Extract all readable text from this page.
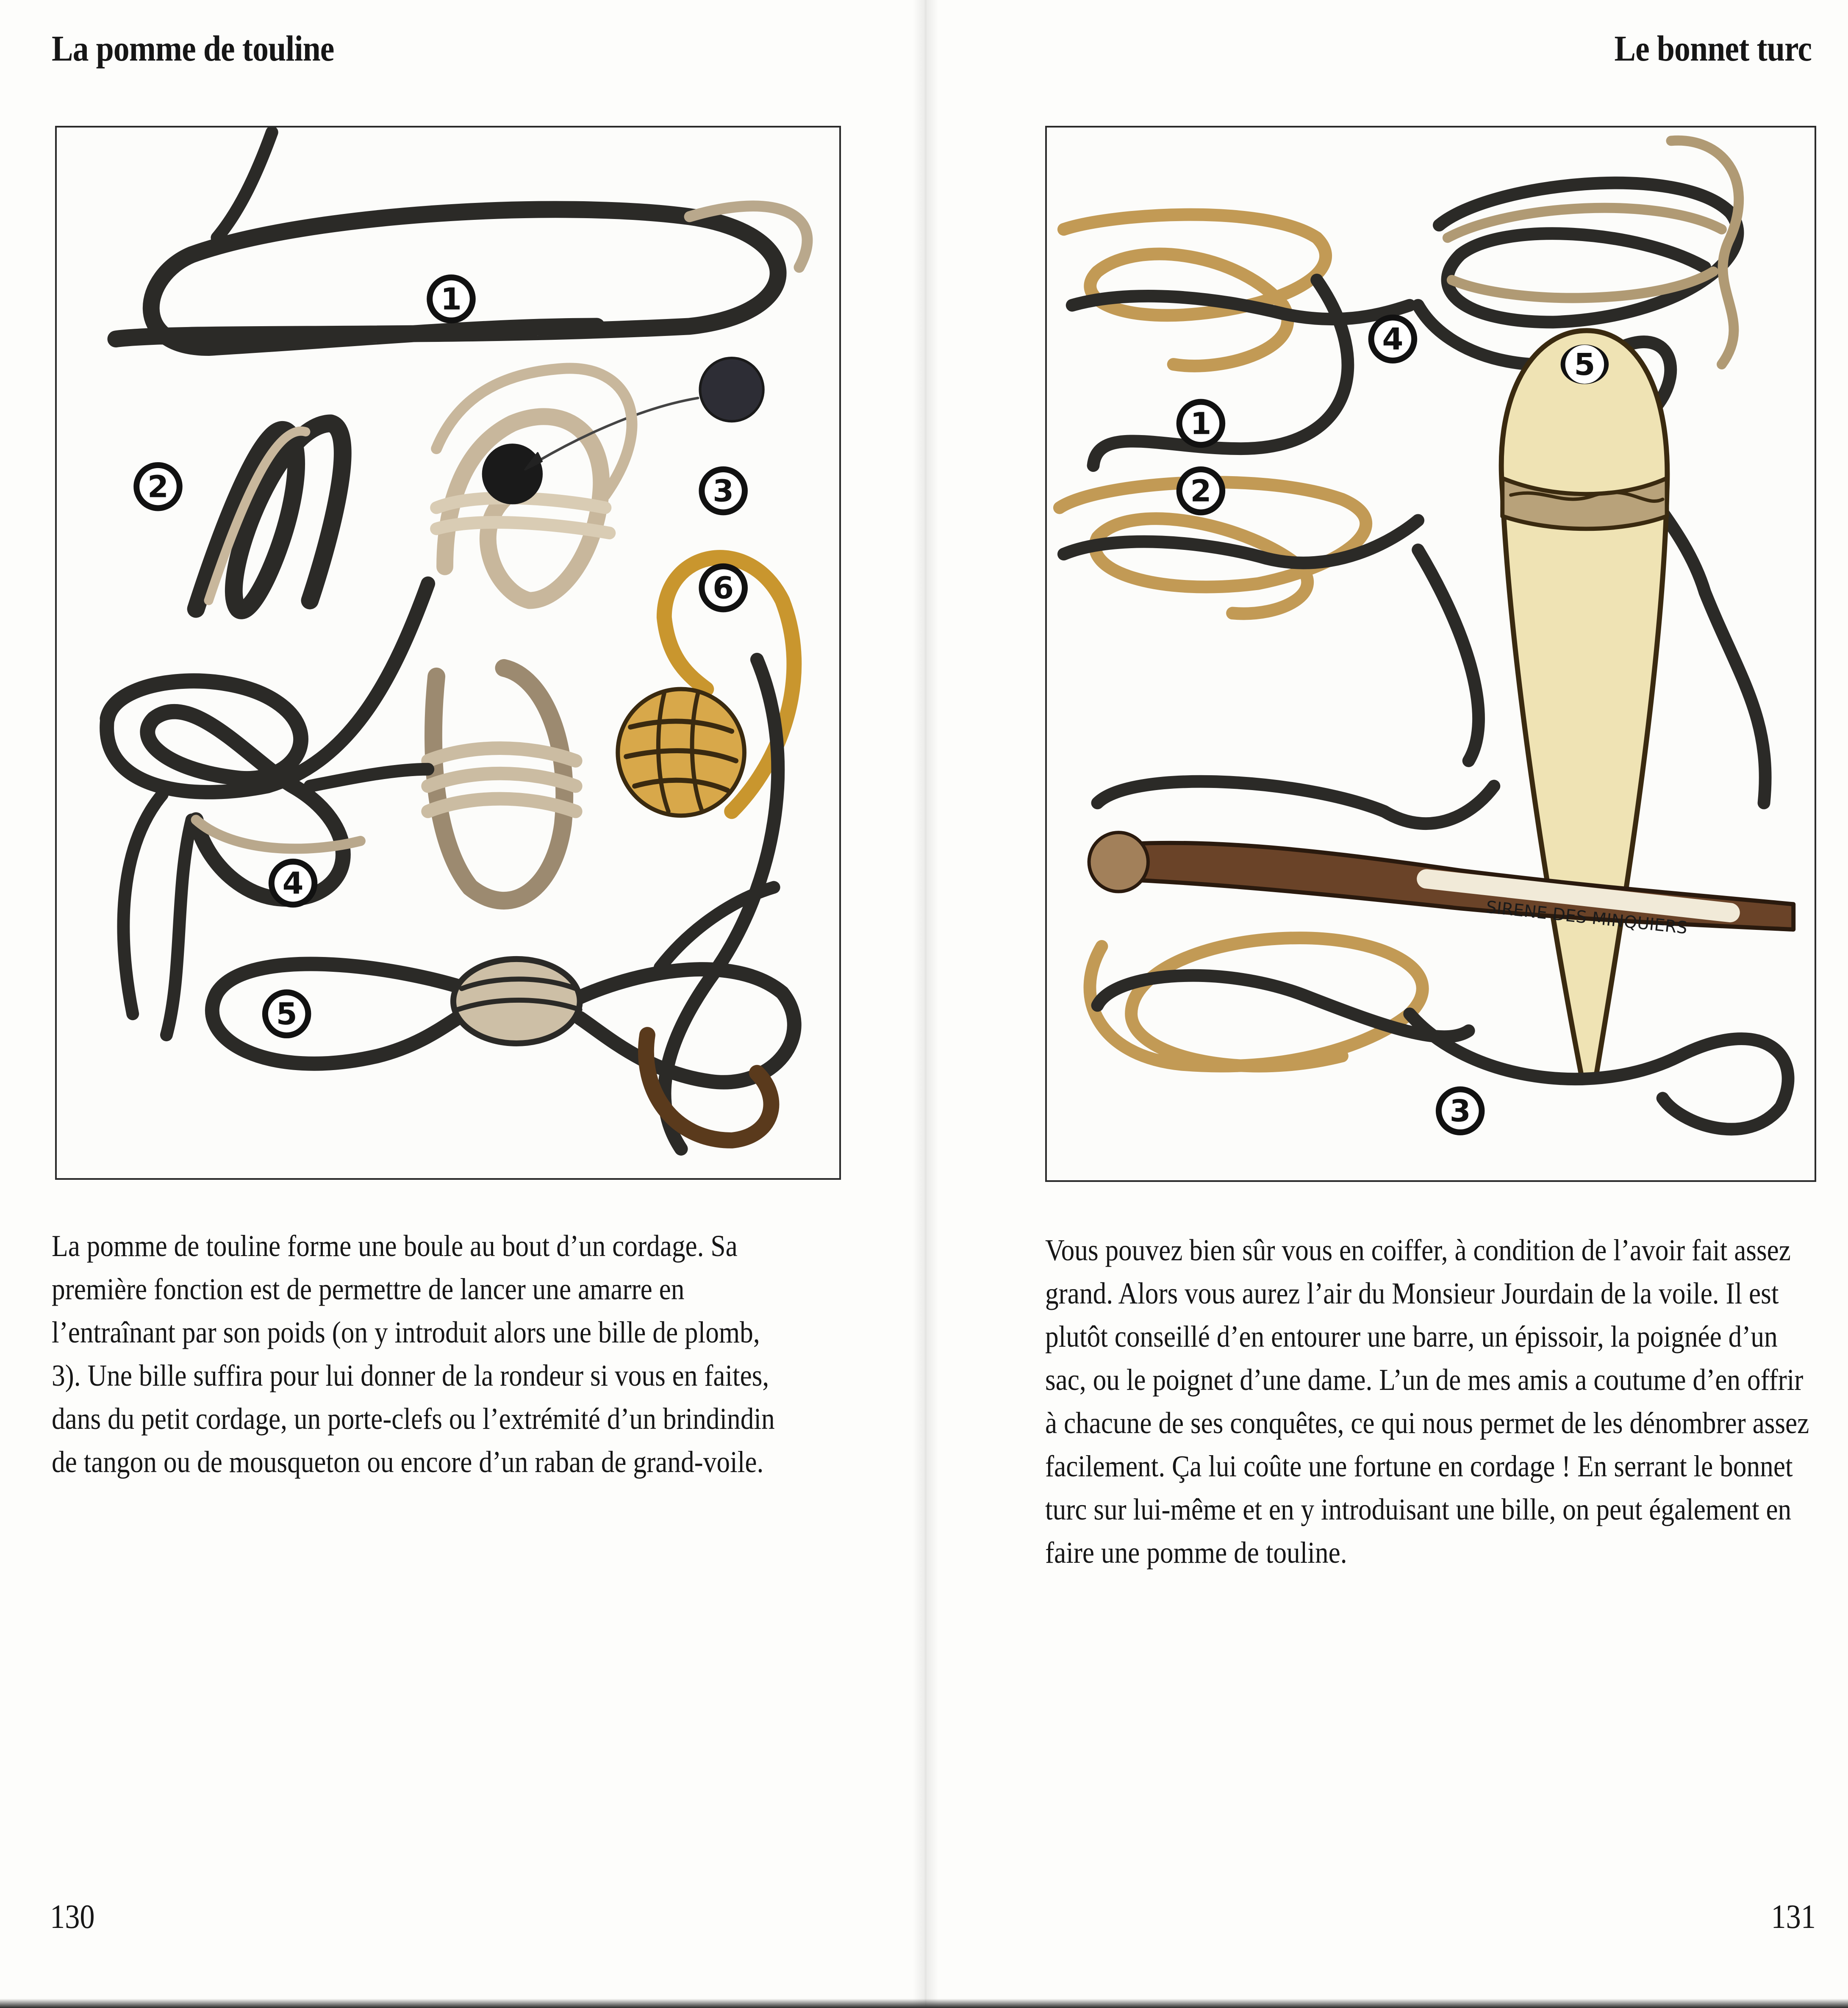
La pomme de touline
1
2	3
4
5
6

La pomme de touline forme une boule au bout d’un cordage. Sa première fonction est de permettre de lancer une amarre en l’entraînant par son poids (on y introduit alors une bille de plomb, 3). Une bille suffira pour lui donner de la rondeur si vous en faites, dans du petit cordage, un porte-clefs ou l’extrémité d’un brindindin de tangon ou de mousqueton ou encore d’un raban de grand-voile.

130

Le bonnet turc
SIRENE DES MINQUIERS
1
2
3
4
5

Vous pouvez bien sûr vous en coiffer, à condition de l’avoir fait assez grand. Alors vous aurez l’air du Monsieur Jourdain de la voile. Il est plutôt conseillé d’en entourer une barre, un épissoir, la poignée d’un sac, ou le poignet d’une dame. L’un de mes amis a coutume d’en offrir à chacune de ses conquêtes, ce qui nous permet de les dénombrer assez facilement. Ça lui coûte une fortune en cordage ! En serrant le bonnet turc sur lui-même et en y introduisant une bille, on peut également en faire une pomme de touline.

131
